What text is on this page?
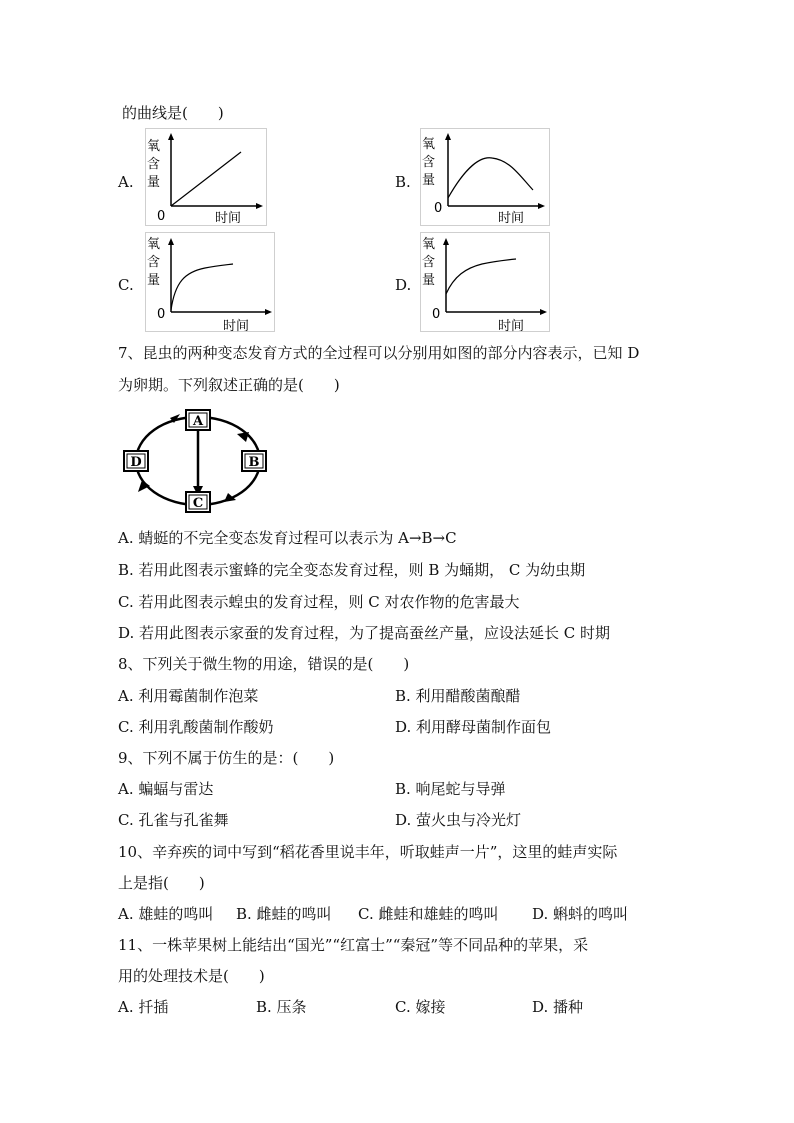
的曲线是(　　)
A.
氧
含
量
0	时间
B.
氧
含
量
0
时间
C.
氧
含
量
0
时间
D.
氧
含
量
0
时间
7、昆虫的两种变态发育方式的全过程可以分别用如图的部分内容表示，已知 D
为卵期。下列叙述正确的是(　　)
A
B
C
D
A. 蜻蜓的不完全变态发育过程可以表示为 A→B→C
B. 若用此图表示蜜蜂的完全变态发育过程，则 B 为蛹期， C 为幼虫期
C. 若用此图表示蝗虫的发育过程，则 C 对农作物的危害最大
D. 若用此图表示家蚕的发育过程，为了提高蚕丝产量，应设法延长 C 时期
8、下列关于微生物的用途，错误的是(　　)
A. 利用霉菌制作泡菜	B. 利用醋酸菌酿醋
C. 利用乳酸菌制作酸奶	D. 利用酵母菌制作面包
9、下列不属于仿生的是：(　　)
A. 蝙蝠与雷达	B. 响尾蛇与导弹
C. 孔雀与孔雀舞	D. 萤火虫与冷光灯
10、辛弃疾的词中写到“稻花香里说丰年，听取蛙声一片”，这里的蛙声实际
上是指(　　)
A. 雄蛙的鸣叫 B. 雌蛙的鸣叫 C. 雌蛙和雄蛙的鸣叫 D. 蝌蚪的鸣叫
11、一株苹果树上能结出“国光”“红富士”“秦冠”等不同品种的苹果，采
用的处理技术是(　　)
A. 扦插	B. 压条	C. 嫁接	D. 播种
